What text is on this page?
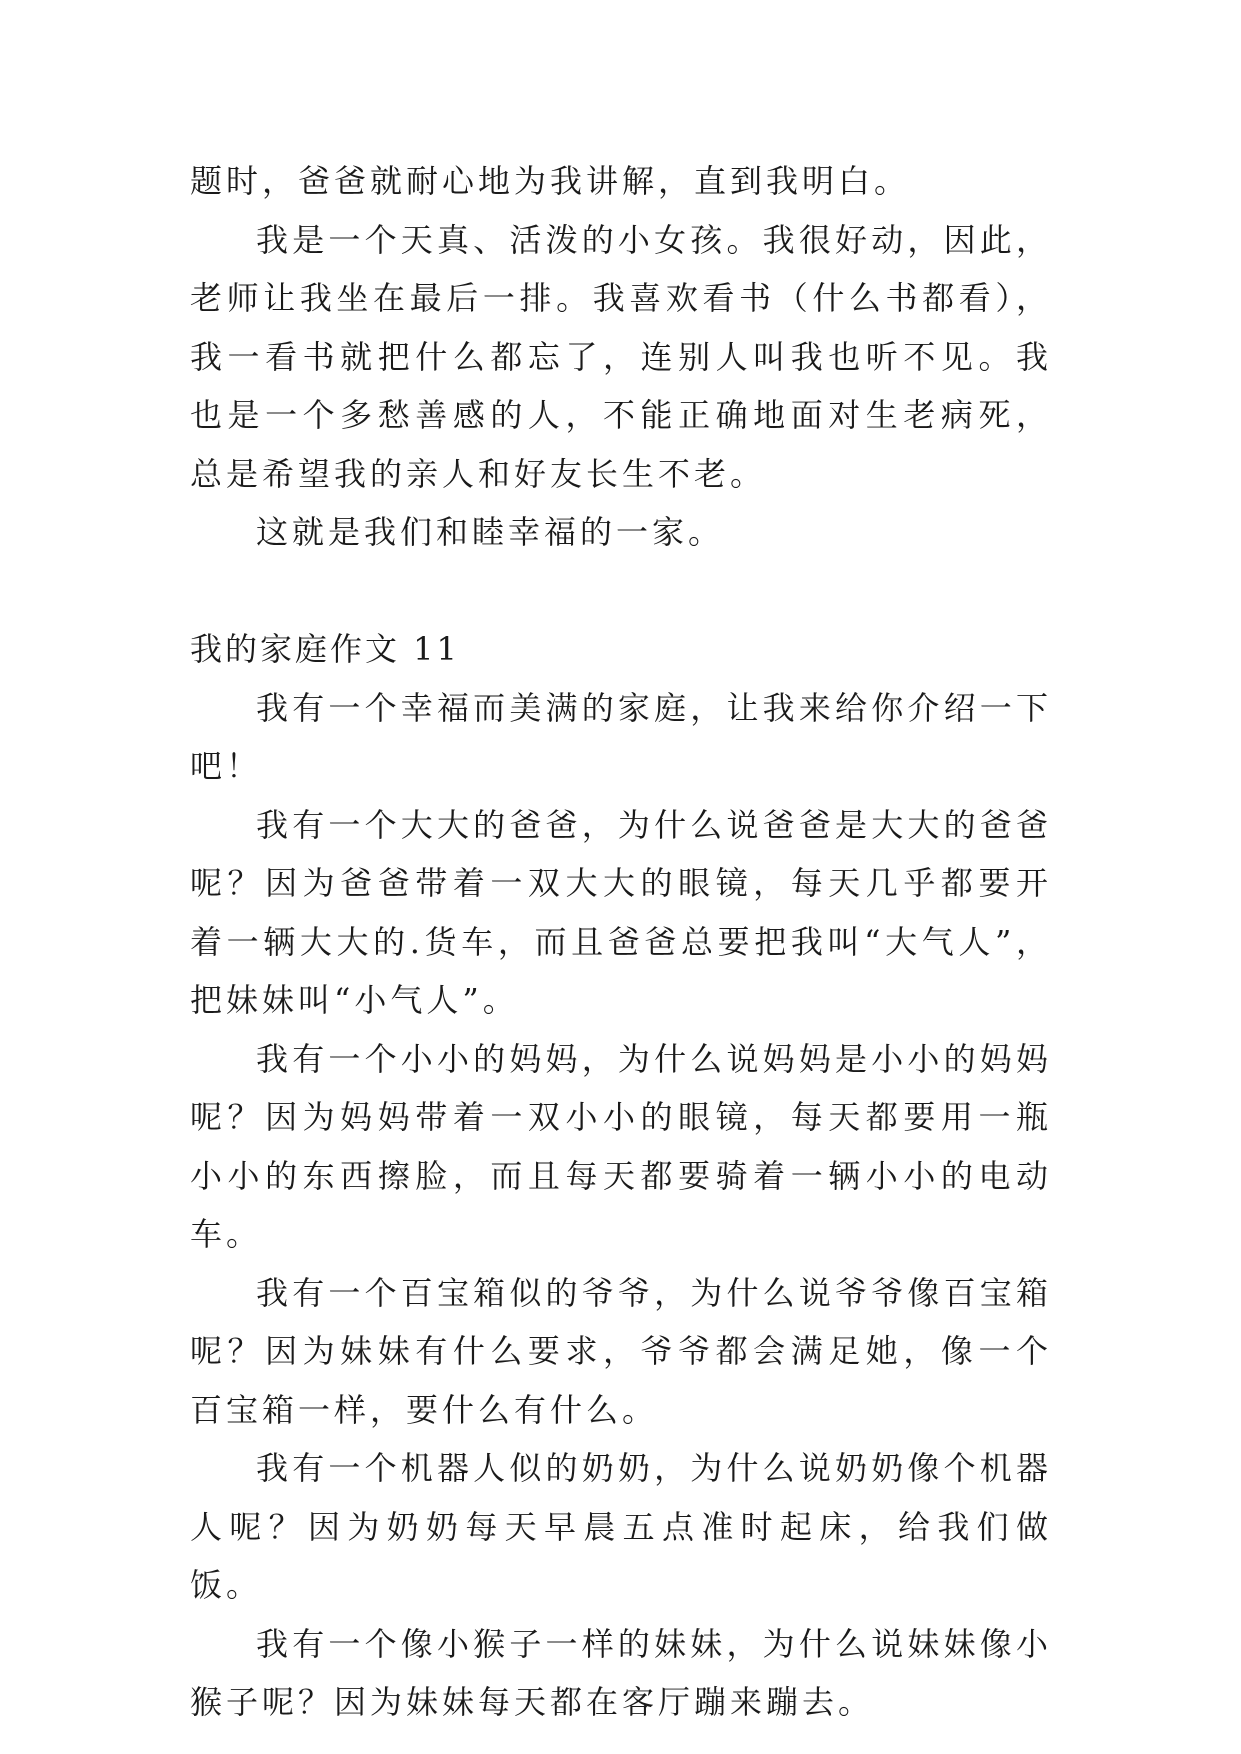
题时，爸爸就耐心地为我讲解，直到我明白。

我是一个天真、活泼的小女孩。我很好动，因此，老师让我坐在最后一排。我喜欢看书（什么书都看），我一看书就把什么都忘了，连别人叫我也听不见。我也是一个多愁善感的人，不能正确地面对生老病死，总是希望我的亲人和好友长生不老。

这就是我们和睦幸福的一家。

我的家庭作文 11

我有一个幸福而美满的家庭，让我来给你介绍一下吧！

我有一个大大的爸爸，为什么说爸爸是大大的爸爸呢？因为爸爸带着一双大大的眼镜，每天几乎都要开着一辆大大的.货车，而且爸爸总要把我叫“大气人”，把妹妹叫“小气人”。

我有一个小小的妈妈，为什么说妈妈是小小的妈妈呢？因为妈妈带着一双小小的眼镜，每天都要用一瓶小小的东西擦脸，而且每天都要骑着一辆小小的电动车。

我有一个百宝箱似的爷爷，为什么说爷爷像百宝箱呢？因为妹妹有什么要求，爷爷都会满足她，像一个百宝箱一样，要什么有什么。

我有一个机器人似的奶奶，为什么说奶奶像个机器人呢？因为奶奶每天早晨五点准时起床，给我们做饭。

我有一个像小猴子一样的妹妹，为什么说妹妹像小猴子呢？因为妹妹每天都在客厅蹦来蹦去。
